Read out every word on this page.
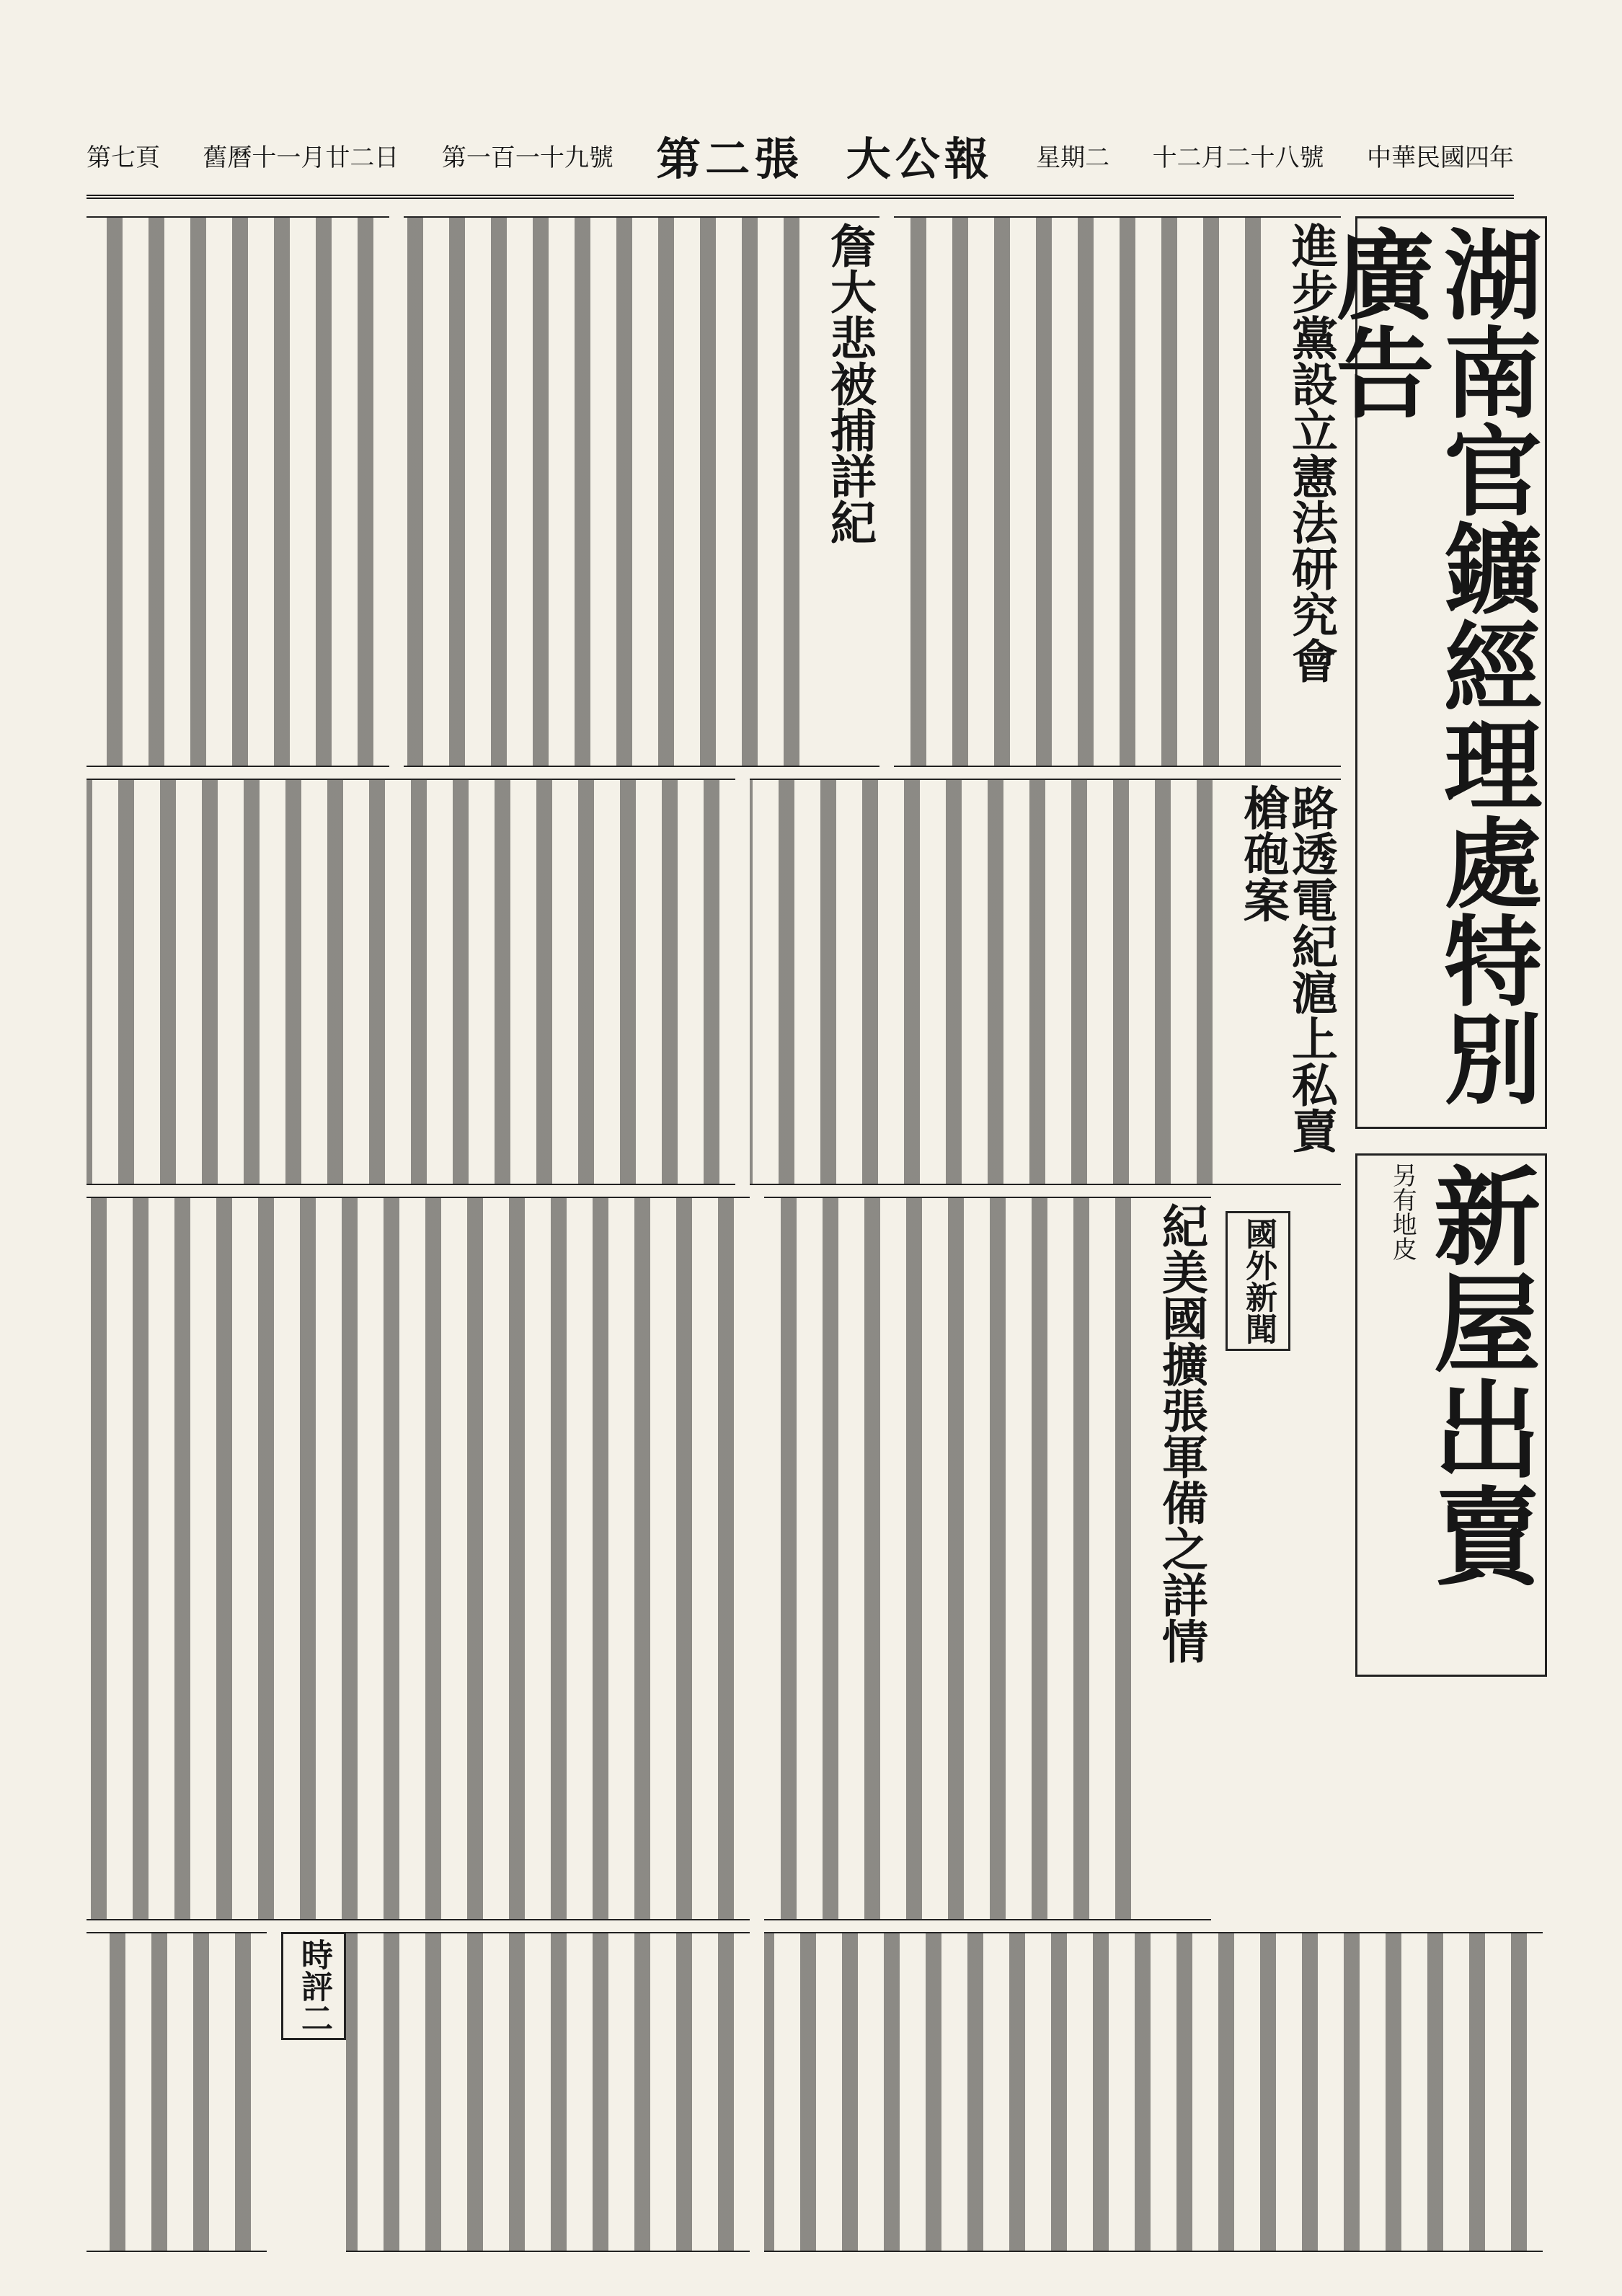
中華民國四年
十二月二十八號
星期二
大公報
第二張
第一百一十九號
舊曆十一月廿二日
第七頁
湖南官鑛經理處特別廣告
新屋出賣
另有地皮
進步黨設立憲法研究會
詹大悲被捕詳紀
路透電紀滬上私賣槍砲案
國外新聞
紀美國擴張軍備之詳情
時評二
